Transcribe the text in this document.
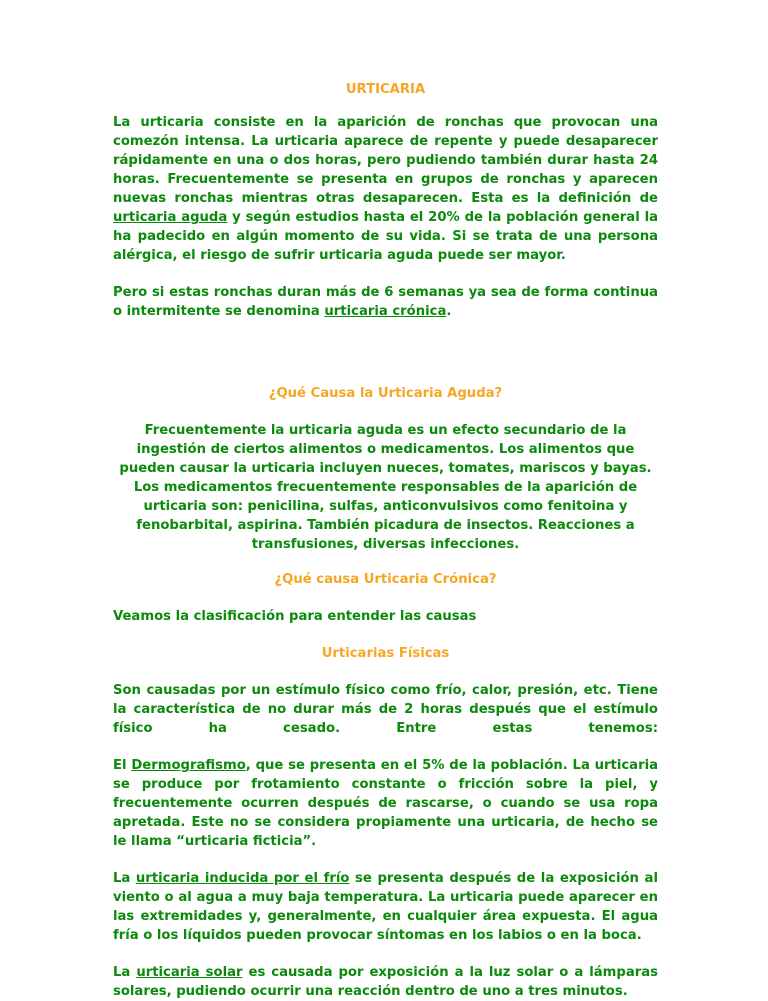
URTICARIA

La urticaria consiste en la aparición de ronchas que provocan una comezón intensa. La urticaria aparece de repente y puede desaparecer rápidamente en una o dos horas, pero pudiendo también durar hasta 24 horas. Frecuentemente se presenta en grupos de ronchas y aparecen nuevas ronchas mientras otras desaparecen. Esta es la definición de urticaria aguda y según estudios hasta el 20% de la población general la ha padecido en algún momento de su vida. Si se trata de una persona alérgica, el riesgo de sufrir urticaria aguda puede ser mayor.

Pero si estas ronchas duran más de 6 semanas ya sea de forma continua o intermitente se denomina urticaria crónica.

¿Qué Causa la Urticaria Aguda?

Frecuentemente la urticaria aguda es un efecto secundario de la ingestión de ciertos alimentos o medicamentos. Los alimentos que pueden causar la urticaria incluyen nueces, tomates, mariscos y bayas. Los medicamentos frecuentemente responsables de la aparición de urticaria son: penicilina, sulfas, anticonvulsivos como fenitoina y fenobarbital, aspirina. También picadura de insectos. Reacciones a transfusiones, diversas infecciones.

¿Qué causa Urticaria Crónica?

Veamos la clasificación para entender las causas

Urticarias Físicas

Son causadas por un estímulo físico como frío, calor, presión, etc. Tiene la característica de no durar más de 2 horas después que el estímulo físico ha cesado. Entre estas tenemos:

El Dermografismo, que se presenta en el 5% de la población. La urticaria se produce por frotamiento constante o fricción sobre la piel, y frecuentemente ocurren después de rascarse, o cuando se usa ropa apretada. Este no se considera propiamente una urticaria, de hecho se le llama “urticaria ficticia”.

La urticaria inducida por el frío se presenta después de la exposición al viento o al agua a muy baja temperatura. La urticaria puede aparecer en las extremidades y, generalmente, en cualquier área expuesta. El agua fría o los líquidos pueden provocar síntomas en los labios o en la boca.

La urticaria solar es causada por exposición a la luz solar o a lámparas solares, pudiendo ocurrir una reacción dentro de uno a tres minutos.
